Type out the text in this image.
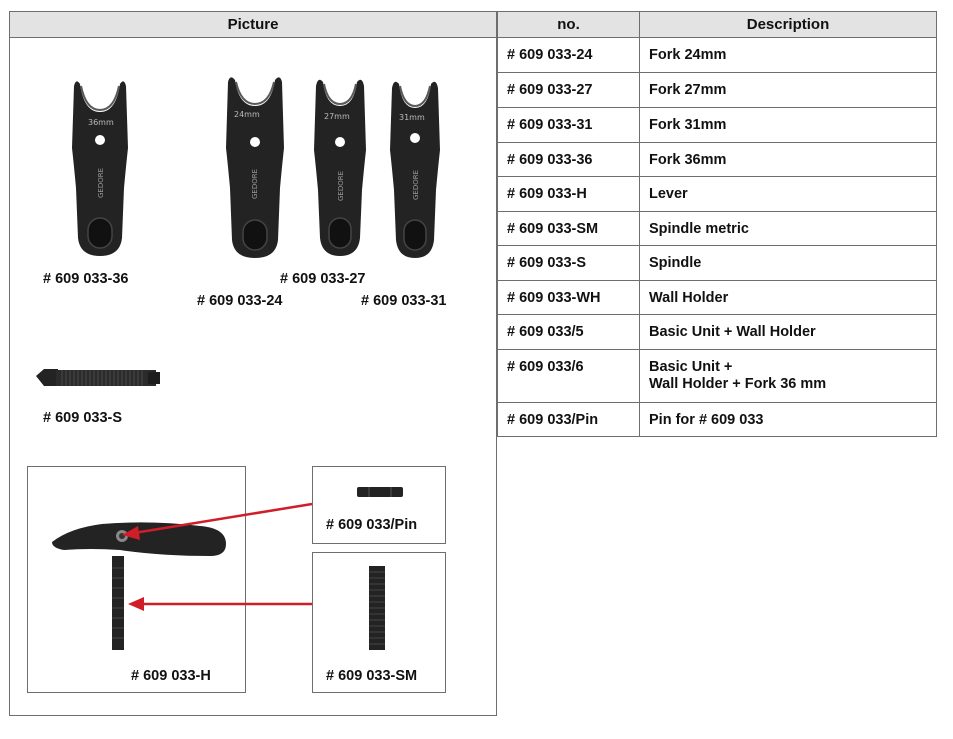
Picture
36mm
GEDORE
24mm
GEDORE
27mm
GEDORE
31mm
GEDORE
# 609 033-36	# 609 033-27
# 609 033-24	# 609 033-31
# 609 033-S
# 609 033-H
# 609 033/Pin
# 609 033-SM
no.	Description
# 609 033-24	Fork 24mm
# 609 033-27	Fork 27mm
# 609 033-31	Fork 31mm
# 609 033-36	Fork 36mm
# 609 033-H	Lever
# 609 033-SM	Spindle metric
# 609 033-S	Spindle
# 609 033-WH	Wall Holder
# 609 033/5	Basic Unit + Wall Holder
# 609 033/6	Basic Unit +
Wall Holder + Fork 36 mm
# 609 033/Pin	Pin for # 609 033
